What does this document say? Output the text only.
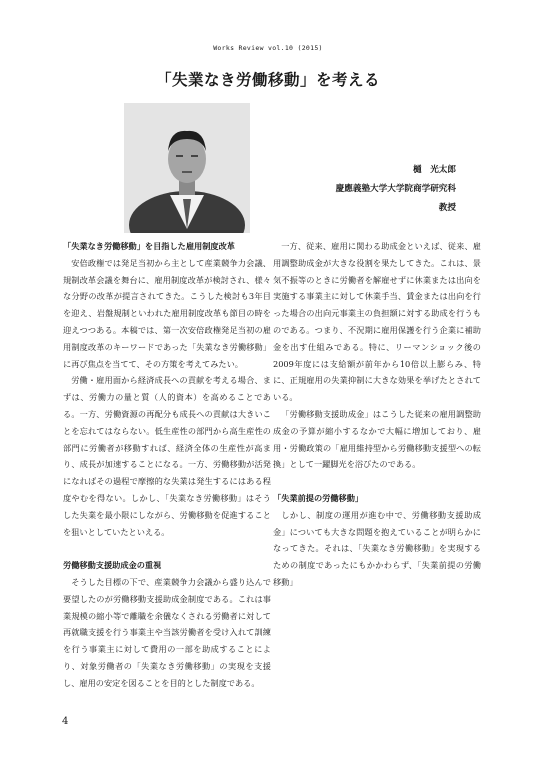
Works Review vol.10 (2015)
「失業なき労働移動」を考える
樋　光太郎
慶應義塾大学大学院商学研究科
教授

「失業なき労働移動」を目指した雇用制度改革

安倍政権では発足当初から主として産業競争力会議、規制改革会議を舞台に、雇用制度改革が検討され、様々な分野の改革が提言されてきた。こうした検討も3年目を迎え、岩盤規制といわれた雇用制度改革も節目の時を迎えつつある。本稿では、第一次安倍政権発足当初の雇用制度改革のキーワードであった「失業なき労働移動」に再び焦点を当てて、その方策を考えてみたい。

労働・雇用面から経済成長への貢献を考える場合、まずは、労働力の量と質（人的資本）を高めることである。一方、労働資源の再配分も成長への貢献は大きいことを忘れてはならない。低生産性の部門から高生産性の部門に労働者が移動すれば、経済全体の生産性が高まり、成長が加速することになる。一方、労働移動が活発になればその過程で摩擦的な失業は発生するにはある程度やむを得ない。しかし、「失業なき労働移動」はそうした失業を最小限にしながら、労働移動を促進することを狙いとしていたといえる。

労働移動支援助成金の重視

そうした目標の下で、産業競争力会議から盛り込んで要望したのが労働移動支援助成金制度である。これは事業規模の縮小等で離職を余儀なくされる労働者に対して再就職支援を行う事業主や当該労働者を受け入れて訓練を行う事業主に対して費用の一部を助成することにより、対象労働者の「失業なき労働移動」の実現を支援し、雇用の安定を図ることを目的とした制度である。

一方、従来、雇用に関わる助成金といえば、従来、雇用調整助成金が大きな役割を果たしてきた。これは、景気不振等のときに労働者を解雇せずに休業または出向を実施する事業主に対して休業手当、賃金または出向を行った場合の出向元事業主の負担額に対する助成を行うものである。つまり、不況期に雇用保護を行う企業に補助金を出す仕組みである。特に、リーマンショック後の2009年度には支給額が前年から10倍以上膨らみ、特に、正規雇用の失業抑制に大きな効果を挙げたとされている。

「労働移動支援助成金」はこうした従来の雇用調整助成金の予算が縮小するなかで大幅に増加しており、雇用・労働政策の「雇用維持型から労働移動支援型への転換」として一躍脚光を浴びたのである。

「失業前提の労働移動」

しかし、制度の運用が進む中で、労働移動支援助成金」についても大きな問題を抱えていることが明らかになってきた。それは、「失業なき労働移動」を実現するための制度であったにもかかわらず、「失業前提の労働移動」

4
